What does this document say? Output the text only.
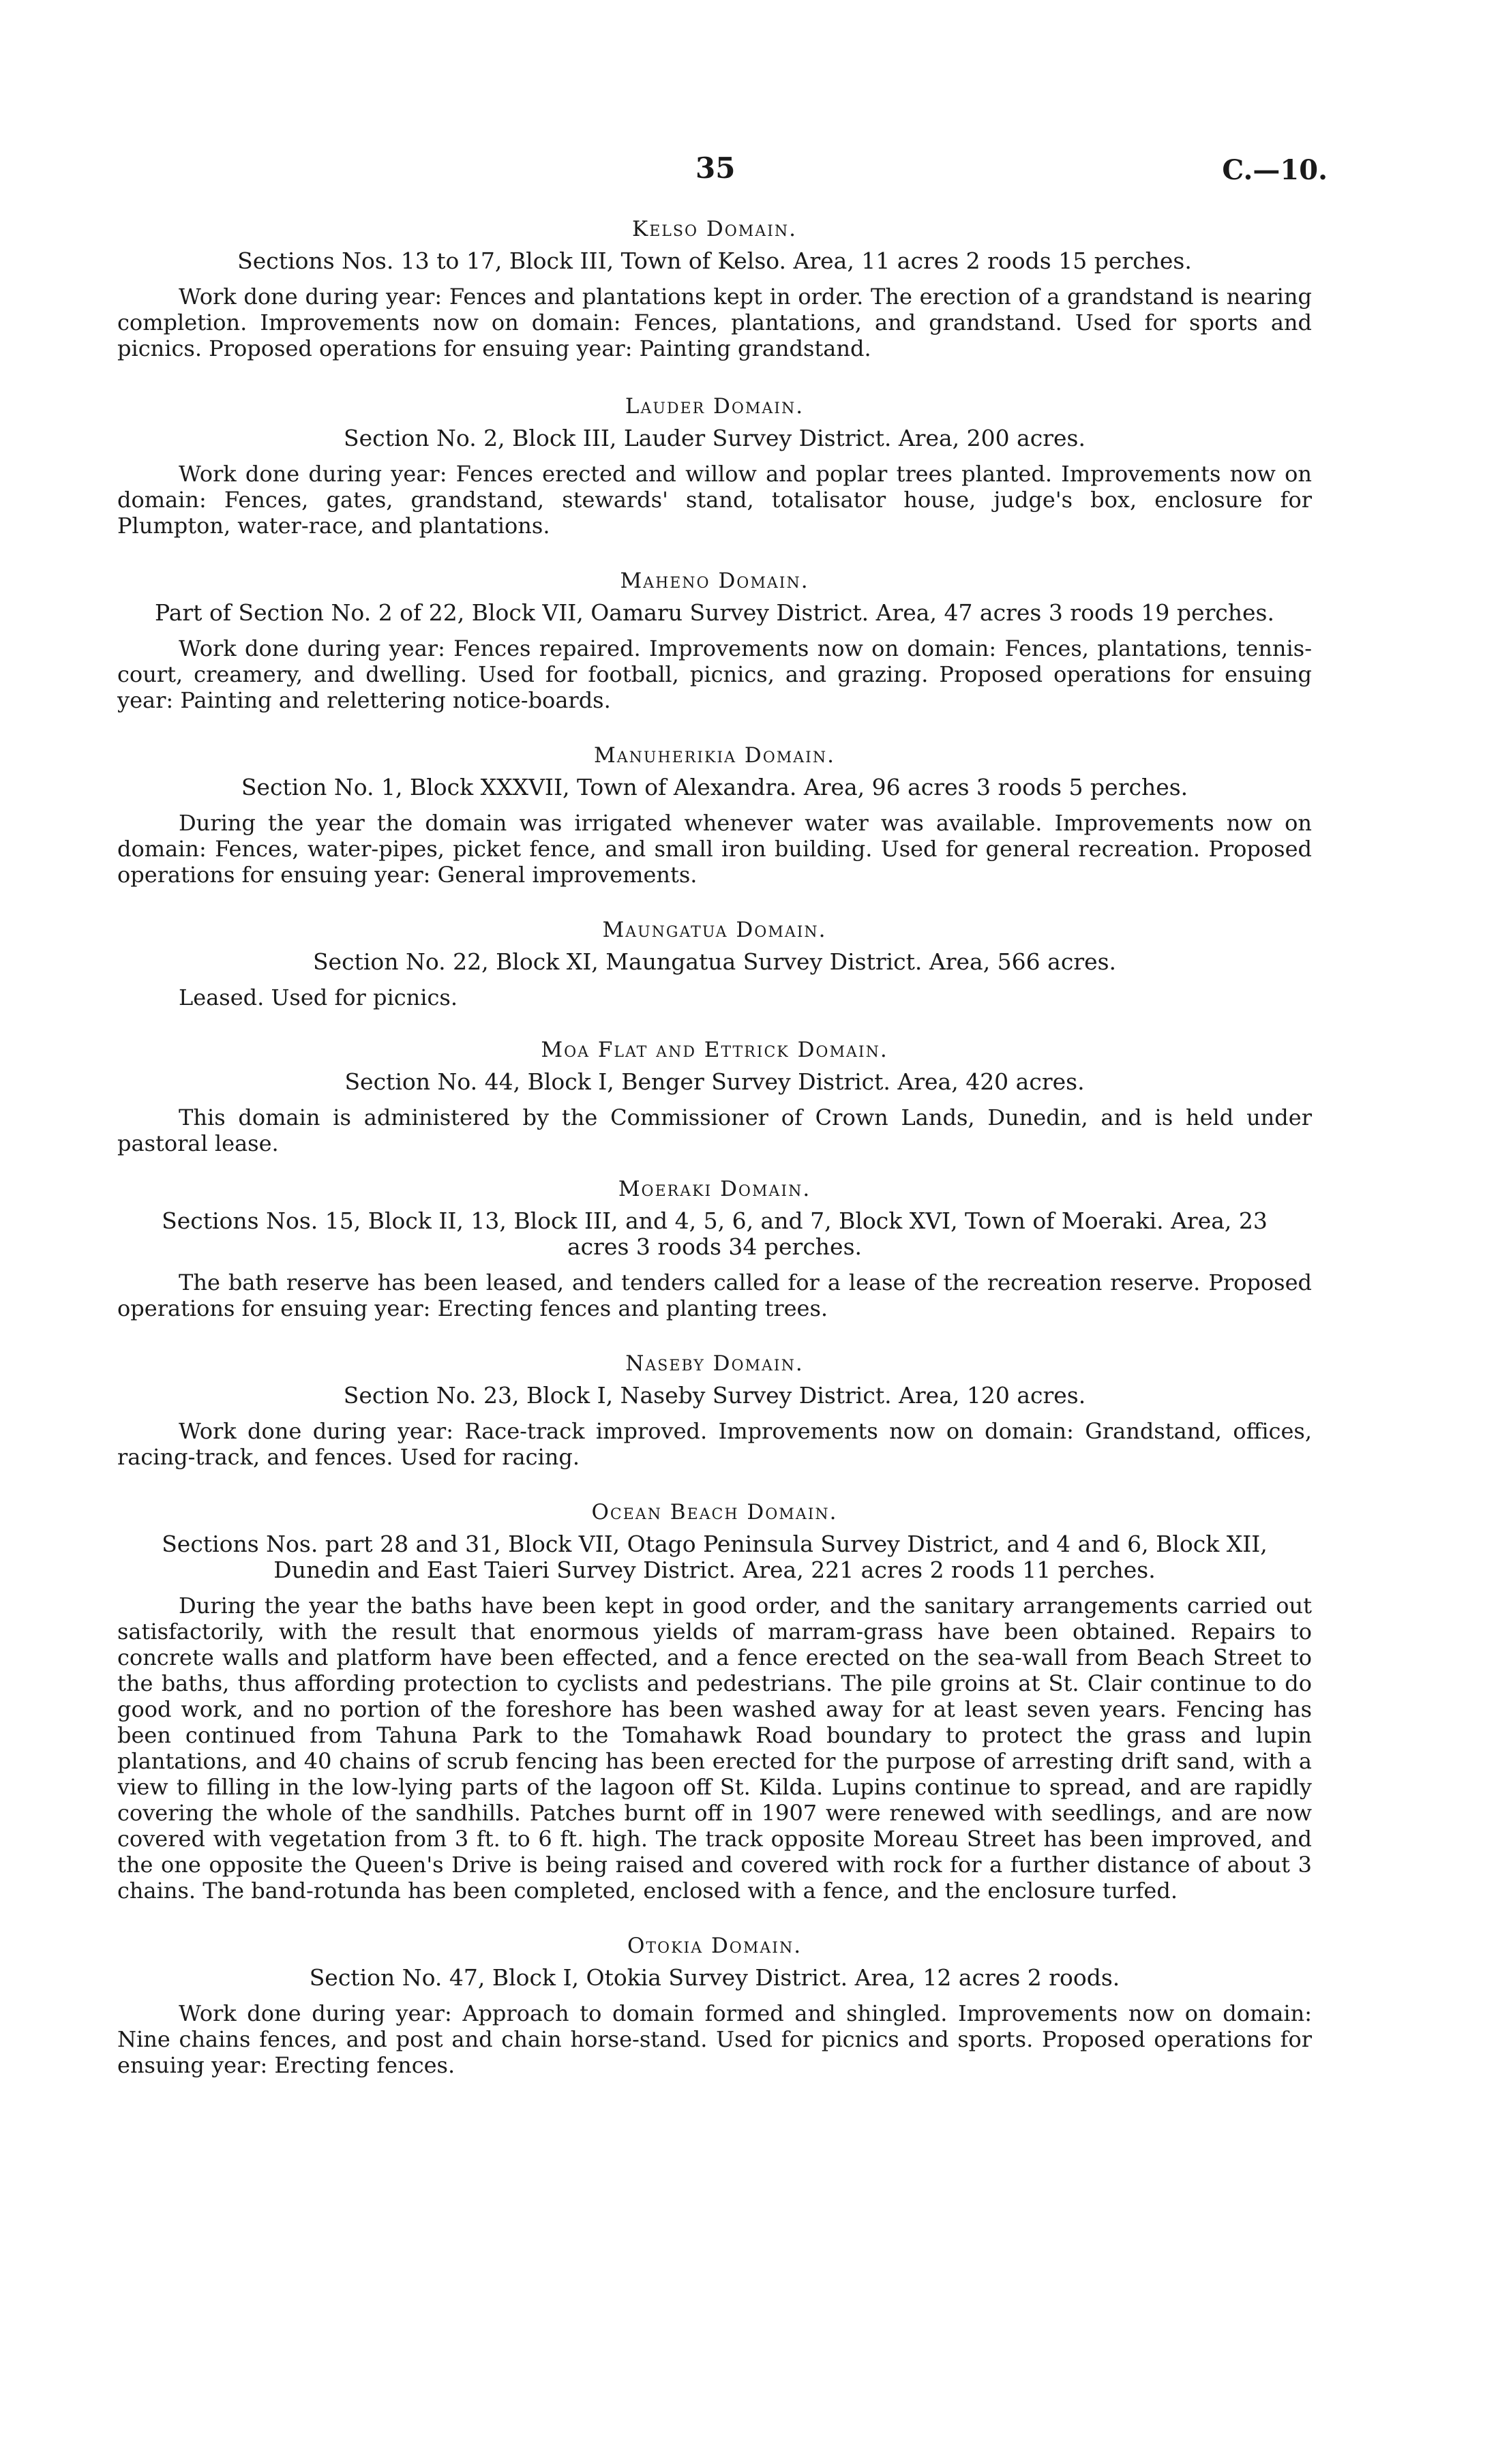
35	C.—10.
Kelso Domain.
Sections Nos. 13 to 17, Block III, Town of Kelso. Area, 11 acres 2 roods 15 perches.

Work done during year: Fences and plantations kept in order. The erection of a grandstand is nearing completion. Improvements now on domain: Fences, plantations, and grandstand. Used for sports and picnics. Proposed operations for ensuing year: Painting grandstand.

Lauder Domain.
Section No. 2, Block III, Lauder Survey District. Area, 200 acres.

Work done during year: Fences erected and willow and poplar trees planted. Improvements now on domain: Fences, gates, grandstand, stewards' stand, totalisator house, judge's box, enclosure for Plumpton, water-race, and plantations.

Maheno Domain.
Part of Section No. 2 of 22, Block VII, Oamaru Survey District. Area, 47 acres 3 roods 19 perches.

Work done during year: Fences repaired. Improvements now on domain: Fences, plantations, tennis-court, creamery, and dwelling. Used for football, picnics, and grazing. Proposed operations for ensuing year: Painting and relettering notice-boards.

Manuherikia Domain.
Section No. 1, Block XXXVII, Town of Alexandra. Area, 96 acres 3 roods 5 perches.

During the year the domain was irrigated whenever water was available. Improvements now on domain: Fences, water-pipes, picket fence, and small iron building. Used for general recreation. Proposed operations for ensuing year: General improvements.

Maungatua Domain.
Section No. 22, Block XI, Maungatua Survey District. Area, 566 acres.

Leased. Used for picnics.

Moa Flat and Ettrick Domain.
Section No. 44, Block I, Benger Survey District. Area, 420 acres.

This domain is administered by the Commissioner of Crown Lands, Dunedin, and is held under pastoral lease.

Moeraki Domain.
Sections Nos. 15, Block II, 13, Block III, and 4, 5, 6, and 7, Block XVI, Town of Moeraki. Area, 23 acres 3 roods 34 perches.

The bath reserve has been leased, and tenders called for a lease of the recreation reserve. Proposed operations for ensuing year: Erecting fences and planting trees.

Naseby Domain.
Section No. 23, Block I, Naseby Survey District. Area, 120 acres.

Work done during year: Race-track improved. Improvements now on domain: Grandstand, offices, racing-track, and fences. Used for racing.

Ocean Beach Domain.
Sections Nos. part 28 and 31, Block VII, Otago Peninsula Survey District, and 4 and 6, Block XII, Dunedin and East Taieri Survey District. Area, 221 acres 2 roods 11 perches.

During the year the baths have been kept in good order, and the sanitary arrangements carried out satisfactorily, with the result that enormous yields of marram-grass have been obtained. Repairs to concrete walls and platform have been effected, and a fence erected on the sea-wall from Beach Street to the baths, thus affording protection to cyclists and pedestrians. The pile groins at St. Clair continue to do good work, and no portion of the foreshore has been washed away for at least seven years. Fencing has been continued from Tahuna Park to the Tomahawk Road boundary to protect the grass and lupin plantations, and 40 chains of scrub fencing has been erected for the purpose of arresting drift sand, with a view to filling in the low-lying parts of the lagoon off St. Kilda. Lupins continue to spread, and are rapidly covering the whole of the sandhills. Patches burnt off in 1907 were renewed with seedlings, and are now covered with vegetation from 3 ft. to 6 ft. high. The track opposite Moreau Street has been improved, and the one opposite the Queen's Drive is being raised and covered with rock for a further distance of about 3 chains. The band-rotunda has been completed, enclosed with a fence, and the enclosure turfed.

Otokia Domain.
Section No. 47, Block I, Otokia Survey District. Area, 12 acres 2 roods.

Work done during year: Approach to domain formed and shingled. Improvements now on domain: Nine chains fences, and post and chain horse-stand. Used for picnics and sports. Proposed operations for ensuing year: Erecting fences.
